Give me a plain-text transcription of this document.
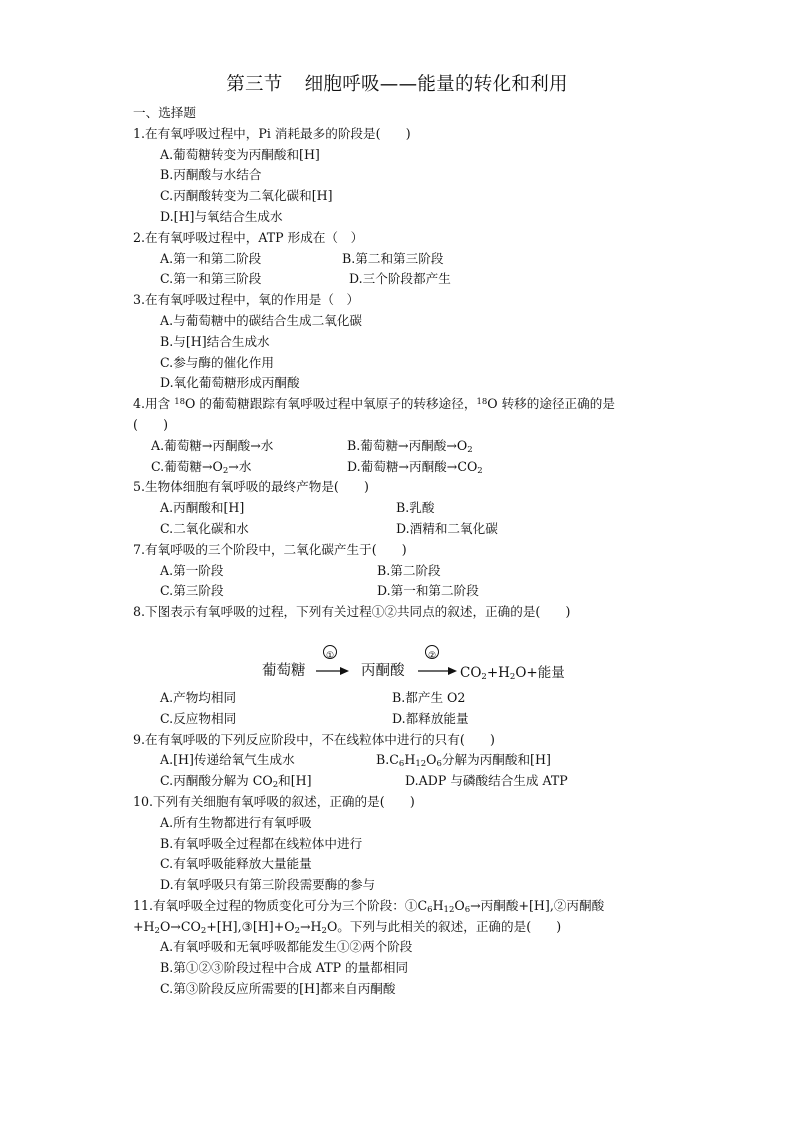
第三节 细胞呼吸——能量的转化和利用
一、选择题
1.在有氧呼吸过程中，Pi 消耗最多的阶段是(　　)
A.葡萄糖转变为丙酮酸和[H]
B.丙酮酸与水结合
C.丙酮酸转变为二氧化碳和[H]
D.[H]与氧结合生成水
2.在有氧呼吸过程中，ATP 形成在（　）
A.第一和第二阶段	B.第二和第三阶段
C.第一和第三阶段	D.三个阶段都产生
3.在有氧呼吸过程中，氧的作用是（　）
A.与葡萄糖中的碳结合生成二氧化碳
B.与[H]结合生成水
C.参与酶的催化作用
D.氧化葡萄糖形成丙酮酸
4.用含 $^{18}$O 的葡萄糖跟踪有氧呼吸过程中氧原子的转移途径，$^{18}$O 转移的途径正确的是
(　　)
A.葡萄糖→丙酮酸→水	B.葡萄糖→丙酮酸$\to O_2$
C.葡萄糖$\to O_2\to$水	D.葡萄糖→丙酮酸$\to CO_2$
5.生物体细胞有氧呼吸的最终产物是(　　)
A.丙酮酸和[H]	B.乳酸
C.二氧化碳和水	D.酒精和二氧化碳
7.有氧呼吸的三个阶段中，二氧化碳产生于(　　)
A.第一阶段	B.第二阶段
C.第三阶段	D.第一和第二阶段
8.下图表示有氧呼吸的过程，下列有关过程①②共同点的叙述，正确的是(　　)
葡萄糖
①
丙酮酸
②
$CO_2+H_2O+$能量
A.产物均相同	B.都产生 O2
C.反应物相同	D.都释放能量
9.在有氧呼吸的下列反应阶段中，不在线粒体中进行的只有(　　)
A.[H]传递给氧气生成水	$B.C_6H_{12}O_6$分解为丙酮酸和[H]
C.丙酮酸分解为 $CO_2$和[H]	D.ADP 与磷酸结合生成 ATP
10.下列有关细胞有氧呼吸的叙述，正确的是(　　)
A.所有生物都进行有氧呼吸
B.有氧呼吸全过程都在线粒体中进行
C.有氧呼吸能释放大量能量
D.有氧呼吸只有第三阶段需要酶的参与
11.有氧呼吸全过程的物质变化可分为三个阶段：$①C_6H_{12}O_6\to$丙酮酸+[H],②丙酮酸
$+H_2O\to CO_2+[H],③[H]+O_2\to H_2O$。下列与此相关的叙述，正确的是(　　)
A.有氧呼吸和无氧呼吸都能发生①②两个阶段
B.第①②③阶段过程中合成 ATP 的量都相同
C.第③阶段反应所需要的[H]都来自丙酮酸
